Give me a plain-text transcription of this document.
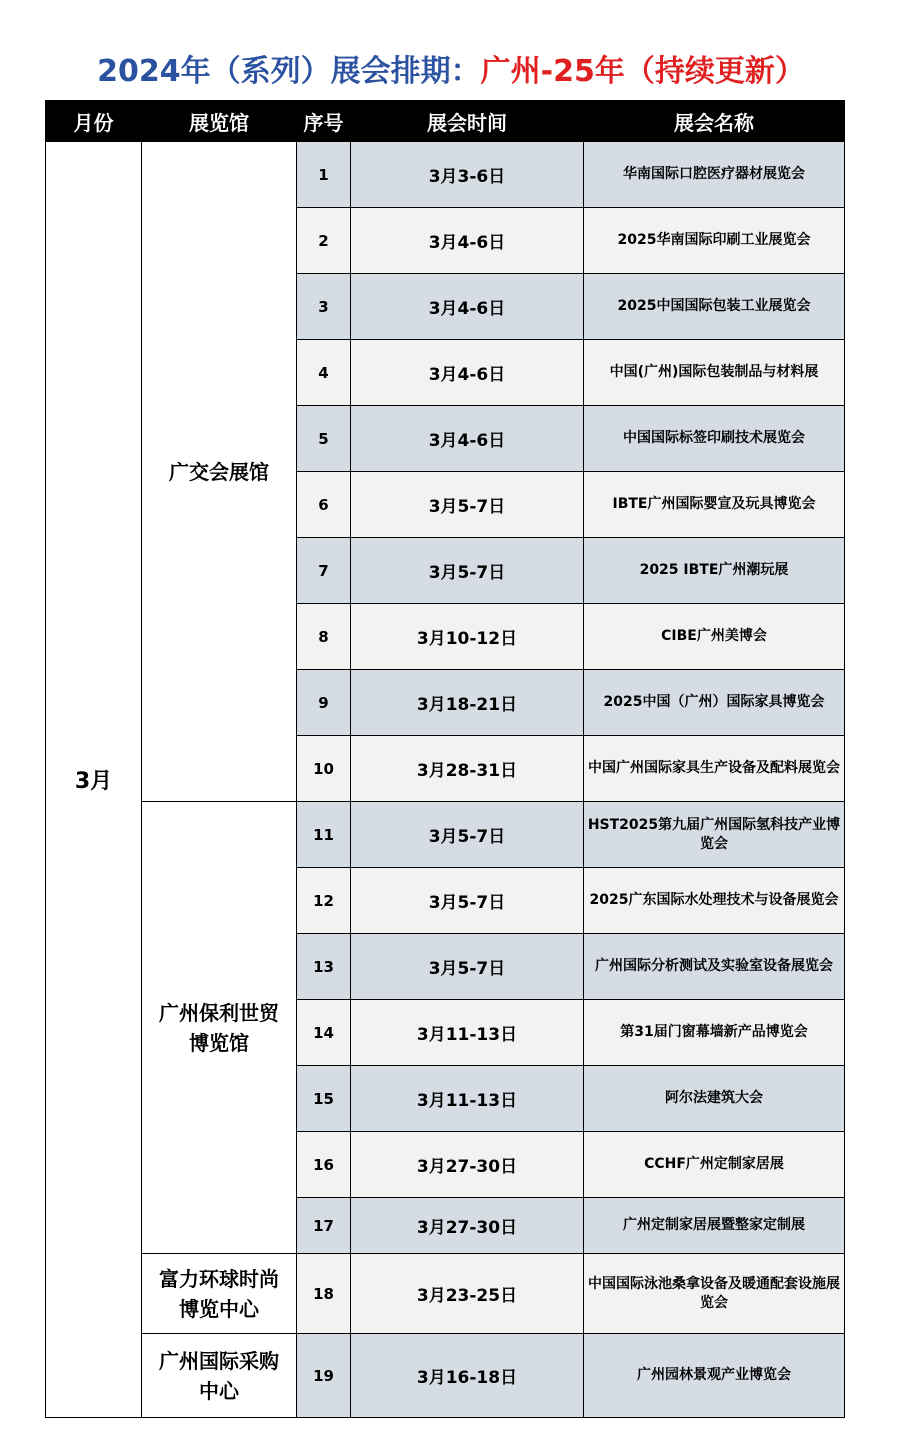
2024年（系列）展会排期：广州-25年（持续更新）
月份	展览馆	序号	展会时间	展会名称
3月	广交会展馆	1	3月3-6日	华南国际口腔医疗器材展览会
		2	3月4-6日	2025华南国际印刷工业展览会
		3	3月4-6日	2025中国国际包装工业展览会
		4	3月4-6日	中国(广州)国际包装制品与材料展
		5	3月4-6日	中国国际标签印刷技术展览会
		6	3月5-7日	IBTE广州国际婴宣及玩具博览会
		7	3月5-7日	2025 IBTE广州潮玩展
		8	3月10-12日	CIBE广州美博会
		9	3月18-21日	2025中国（广州）国际家具博览会
		10	3月28-31日	中国广州国际家具生产设备及配料展览会
	广州保利世贸博览馆	11	3月5-7日	HST2025第九届广州国际氢科技产业博览会
		12	3月5-7日	2025广东国际水处理技术与设备展览会
		13	3月5-7日	广州国际分析测试及实验室设备展览会
		14	3月11-13日	第31届门窗幕墙新产品博览会
		15	3月11-13日	阿尔法建筑大会
		16	3月27-30日	CCHF广州定制家居展
		17	3月27-30日	广州定制家居展暨整家定制展
	富力环球时尚博览中心	18	3月23-25日	中国国际泳池桑拿设备及暖通配套设施展览会
	广州国际采购中心	19	3月16-18日	广州园林景观产业博览会
